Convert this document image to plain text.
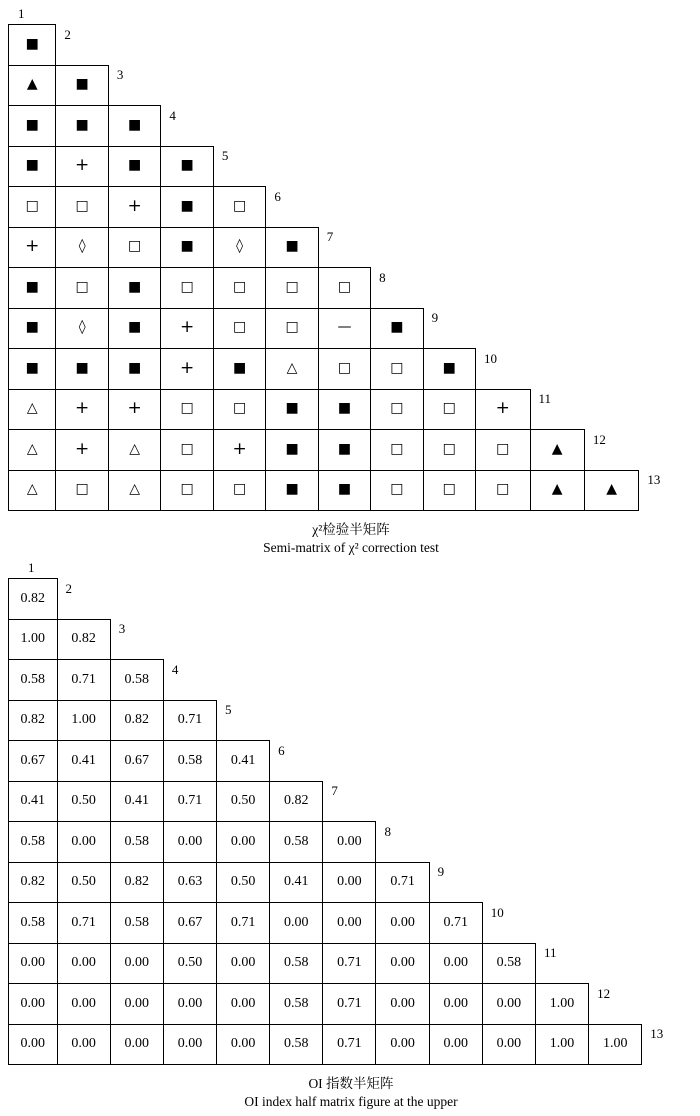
1
■	2											
▲	■	3										
■	■	■	4									
■	+	■	■	5								
□	□	+	■	□	6							
+	◊	□	■	◊	■	7						
■	□	■	□	□	□	□	8					
■	◊	■	+	□	□	—	■	9				
■	■	■	+	■	△	□	□	■	10			
△	+	+	□	□	■	■	□	□	+	11		
△	+	△	□	+	■	■	□	□	□	▲	12	
△	□	△	□	□	■	■	□	□	□	▲	▲	13
χ²检验半矩阵
Semi-matrix of χ² correction test
1
0.82	2											
1.00	0.82	3										
0.58	0.71	0.58	4									
0.82	1.00	0.82	0.71	5								
0.67	0.41	0.67	0.58	0.41	6							
0.41	0.50	0.41	0.71	0.50	0.82	7						
0.58	0.00	0.58	0.00	0.00	0.58	0.00	8					
0.82	0.50	0.82	0.63	0.50	0.41	0.00	0.71	9				
0.58	0.71	0.58	0.67	0.71	0.00	0.00	0.00	0.71	10			
0.00	0.00	0.00	0.50	0.00	0.58	0.71	0.00	0.00	0.58	11		
0.00	0.00	0.00	0.00	0.00	0.58	0.71	0.00	0.00	0.00	1.00	12	
0.00	0.00	0.00	0.00	0.00	0.58	0.71	0.00	0.00	0.00	1.00	1.00	13
OI 指数半矩阵
OI index half matrix figure at the upper
